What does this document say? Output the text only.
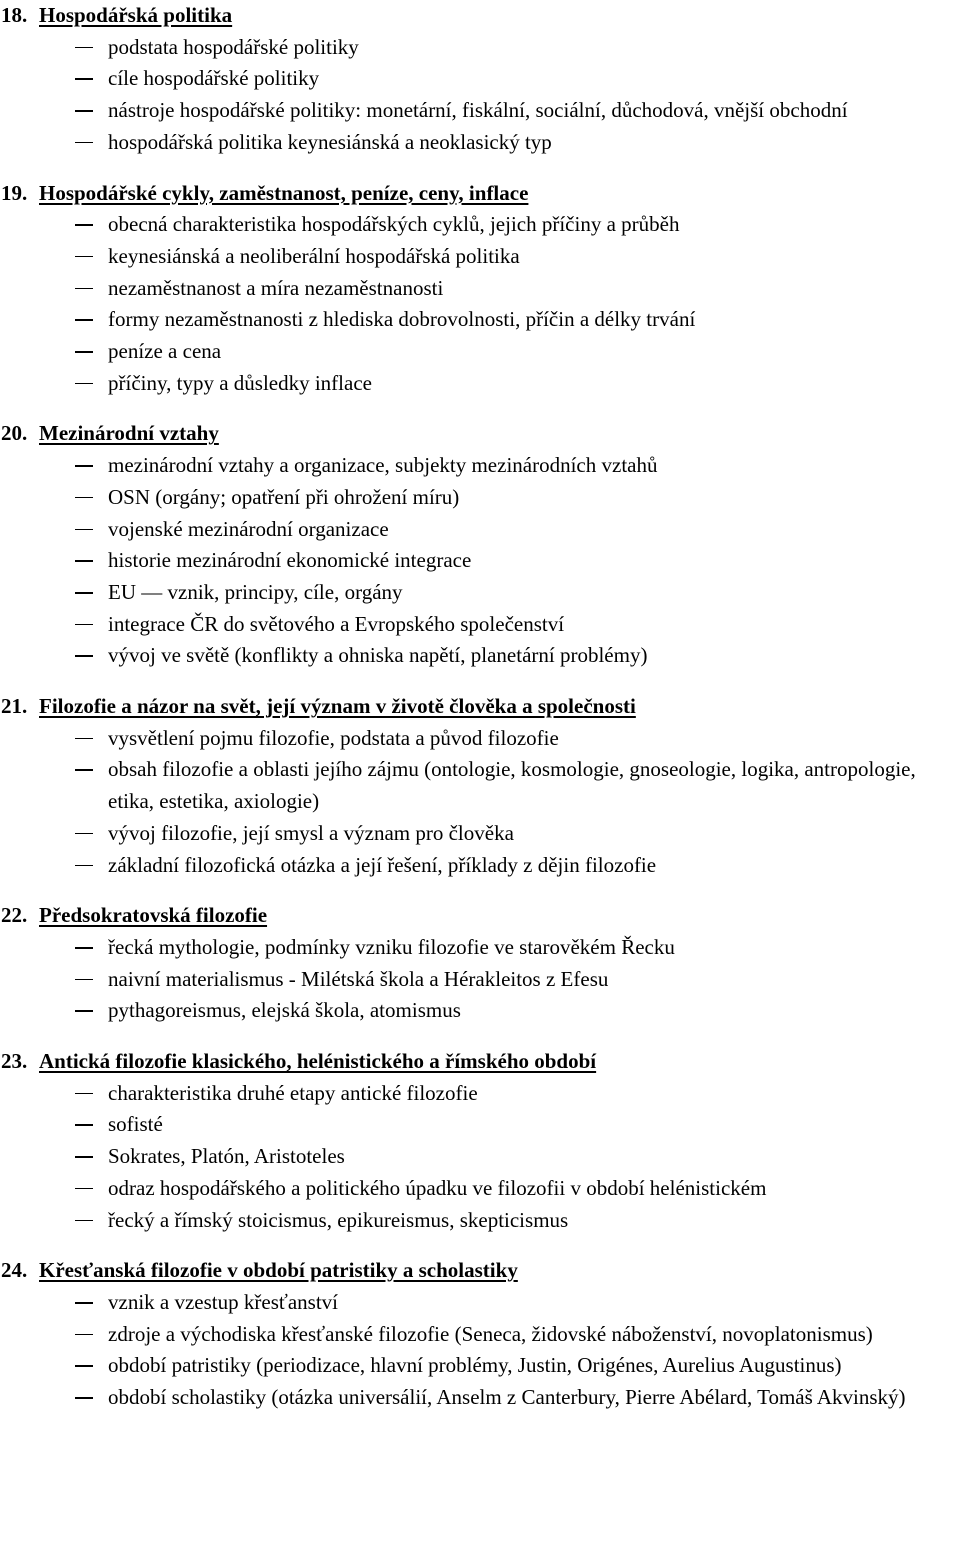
18. Hospodářská politika
podstata hospodářské politiky
cíle hospodářské politiky
nástroje hospodářské politiky: monetární, fiskální, sociální, důchodová, vnější obchodní
hospodářská politika keynesiánská a neoklasický typ
19. Hospodářské cykly, zaměstnanost, peníze, ceny, inflace
obecná charakteristika hospodářských cyklů, jejich příčiny a průběh
keynesiánská a neoliberální hospodářská politika
nezaměstnanost a míra nezaměstnanosti
formy nezaměstnanosti z hlediska dobrovolnosti, příčin a délky trvání
peníze a cena
příčiny, typy a důsledky inflace
20. Mezinárodní vztahy
mezinárodní vztahy a organizace, subjekty mezinárodních vztahů
OSN (orgány; opatření při ohrožení míru)
vojenské mezinárodní organizace
historie mezinárodní ekonomické integrace
EU — vznik, principy, cíle, orgány
integrace ČR do světového a Evropského společenství
vývoj ve světě (konflikty a ohniska napětí, planetární problémy)
21. Filozofie a názor na svět, její význam v životě člověka a společnosti
vysvětlení pojmu filozofie, podstata a původ filozofie
obsah filozofie a oblasti jejího zájmu (ontologie, kosmologie, gnoseologie, logika, antropologie, etika, estetika, axiologie)
vývoj filozofie, její smysl a význam pro člověka
základní filozofická otázka a její řešení, příklady z dějin filozofie
22. Předsokratovská filozofie
řecká mythologie, podmínky vzniku filozofie ve starověkém Řecku
naivní materialismus - Milétská škola a Hérakleitos z Efesu
pythagoreismus, elejská škola, atomismus
23. Antická filozofie klasického, helénistického a římského období
charakteristika druhé etapy antické filozofie
sofisté
Sokrates, Platón, Aristoteles
odraz hospodářského a politického úpadku ve filozofii v období helénistickém
řecký a římský stoicismus, epikureismus, skepticismus
24. Křesťanská filozofie v období patristiky a scholastiky
vznik a vzestup křesťanství
zdroje a východiska křesťanské filozofie (Seneca, židovské náboženství, novoplatonismus)
období patristiky (periodizace, hlavní problémy, Justin, Origénes, Aurelius Augustinus)
období scholastiky (otázka universálií, Anselm z Canterbury, Pierre Abélard, Tomáš Akvinský)
